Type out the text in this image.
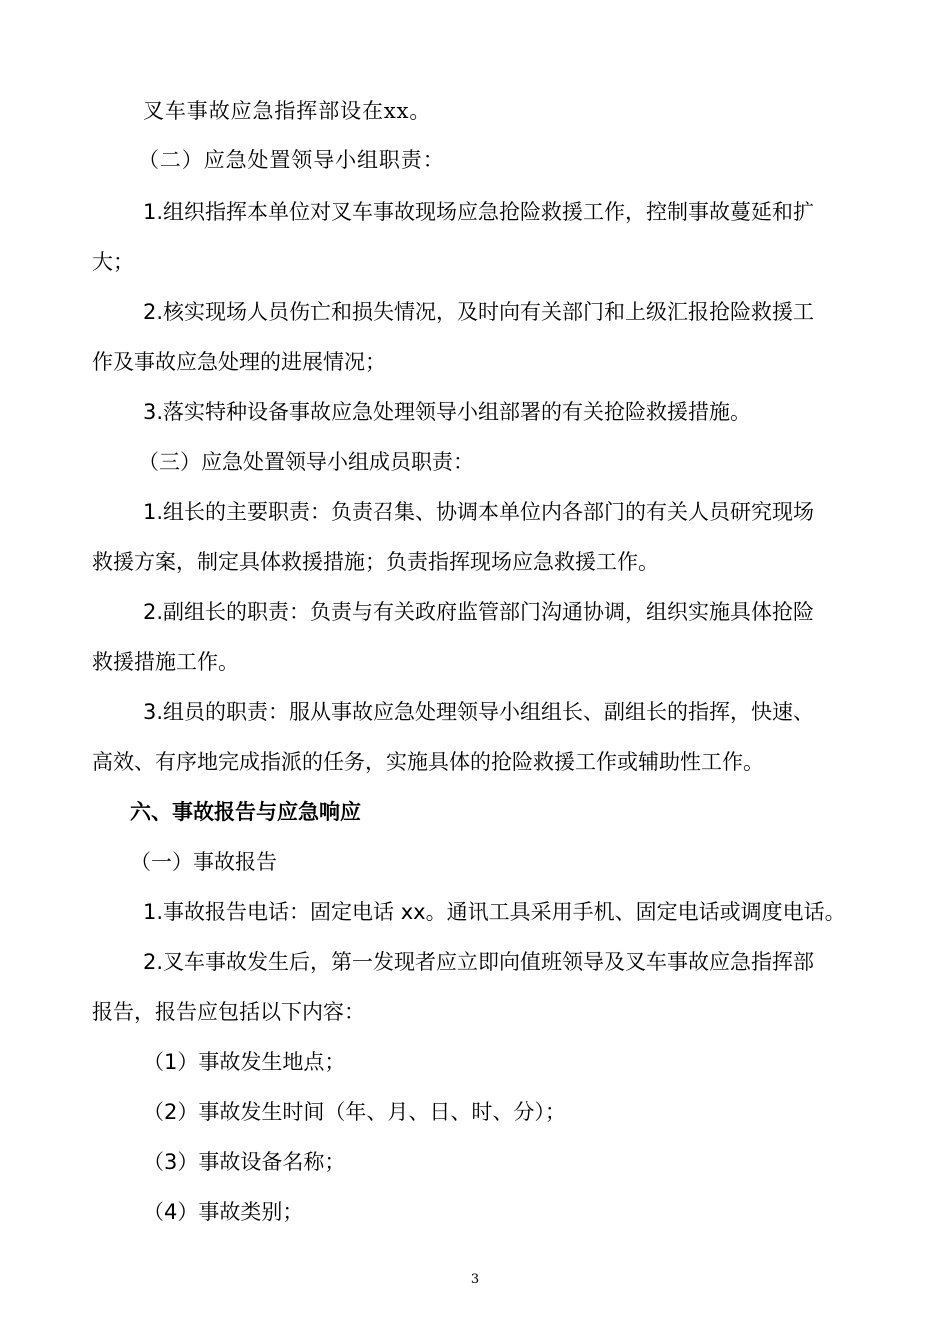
叉车事故应急指挥部设在xx。
（二）应急处置领导小组职责：
1.组织指挥本单位对叉车事故现场应急抢险救援工作，控制事故蔓延和扩
大；
2.核实现场人员伤亡和损失情况，及时向有关部门和上级汇报抢险救援工
作及事故应急处理的进展情况；
3.落实特种设备事故应急处理领导小组部署的有关抢险救援措施。
（三）应急处置领导小组成员职责：
1.组长的主要职责：负责召集、协调本单位内各部门的有关人员研究现场
救援方案，制定具体救援措施；负责指挥现场应急救援工作。
2.副组长的职责：负责与有关政府监管部门沟通协调，组织实施具体抢险
救援措施工作。
3.组员的职责：服从事故应急处理领导小组组长、副组长的指挥，快速、
高效、有序地完成指派的任务，实施具体的抢险救援工作或辅助性工作。
六、事故报告与应急响应
（一）事故报告
1.事故报告电话：固定电话 xx。通讯工具采用手机、固定电话或调度电话。
2.叉车事故发生后，第一发现者应立即向值班领导及叉车事故应急指挥部
报告，报告应包括以下内容：
（1）事故发生地点；
（2）事故发生时间（年、月、日、时、分）；
（3）事故设备名称；
（4）事故类别；
3
